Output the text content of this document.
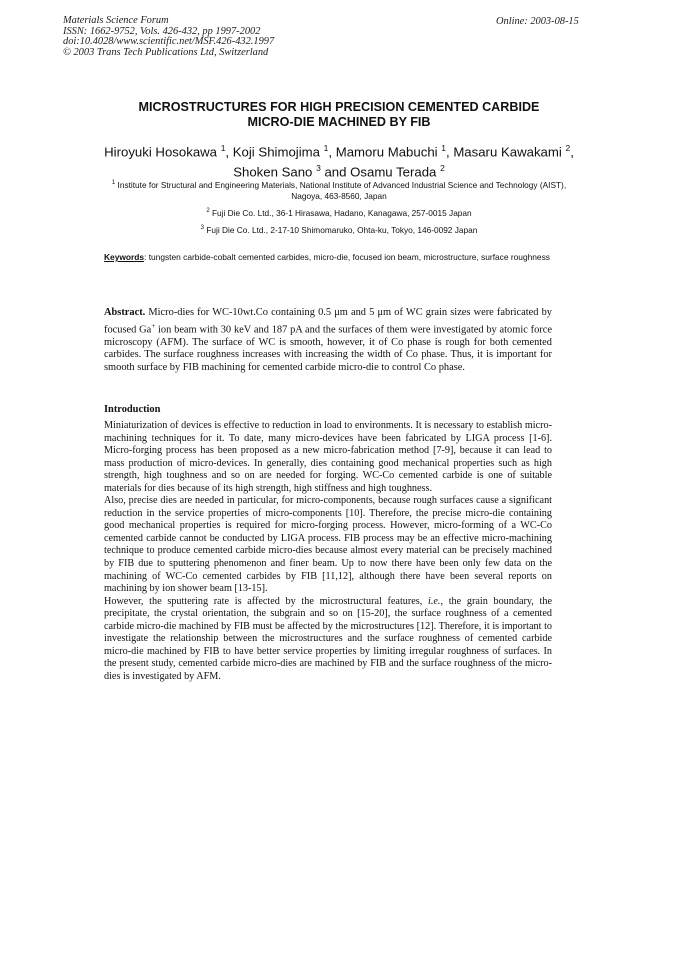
Materials Science Forum
ISSN: 1662-9752, Vols. 426-432, pp 1997-2002
doi:10.4028/www.scientific.net/MSF.426-432.1997
© 2003 Trans Tech Publications Ltd, Switzerland
Online: 2003-08-15
MICROSTRUCTURES FOR HIGH PRECISION CEMENTED CARBIDE
MICRO-DIE MACHINED BY FIB
Hiroyuki Hosokawa $^1$, Koji Shimojima $^1$, Mamoru Mabuchi $^1$, Masaru Kawakami $^2$, Shoken Sano $^3$ and Osamu Terada $^2$
$^1$ Institute for Structural and Engineering Materials, National Institute of Advanced Industrial Science and Technology (AIST), Nagoya, 463-8560, Japan
$^2$ Fuji Die Co. Ltd., 36-1 Hirasawa, Hadano, Kanagawa, 257-0015 Japan
$^3$ Fuji Die Co. Ltd., 2-17-10 Shimomaruko, Ohta-ku, Tokyo, 146-0092 Japan
Keywords: tungsten carbide-cobalt cemented carbides, micro-die, focused ion beam, microstructure, surface roughness
Abstract. Micro-dies for WC-10wt.Co containing 0.5 μm and 5 μm of WC grain sizes were fabricated by focused Ga+ ion beam with 30 keV and 187 pA and the surfaces of them were investigated by atomic force microscopy (AFM). The surface of WC is smooth, however, it of Co phase is rough for both cemented carbides. The surface roughness increases with increasing the width of Co phase. Thus, it is important for smooth surface by FIB machining for cemented carbide micro-die to control Co phase.
Introduction

Miniaturization of devices is effective to reduction in load to environments. It is necessary to establish micro-machining techniques for it. To date, many micro-devices have been fabricated by LIGA process [1-6]. Micro-forging process has been proposed as a new micro-fabrication method [7-9], because it can lead to mass production of micro-devices. In generally, dies containing good mechanical properties such as high strength, high toughness and so on are needed for forging. WC-Co cemented carbide is one of suitable materials for dies because of its high strength, high stiffness and high toughness.

Also, precise dies are needed in particular, for micro-components, because rough surfaces cause a significant reduction in the service properties of micro-components [10]. Therefore, the precise micro-die containing good mechanical properties is required for micro-forging process. However, micro-forming of a WC-Co cemented carbide cannot be conducted by LIGA process. FIB process may be an effective micro-machining technique to produce cemented carbide micro-dies because almost every material can be precisely machined by FIB due to sputtering phenomenon and finer beam. Up to now there have been only few data on the machining of WC-Co cemented carbides by FIB [11,12], although there have been several reports on machining by ion shower beam [13-15].

However, the sputtering rate is affected by the microstructural features, i.e., the grain boundary, the precipitate, the crystal orientation, the subgrain and so on [15-20], the surface roughness of a cemented carbide micro-die machined by FIB must be affected by the microstructures [12]. Therefore, it is important to investigate the relationship between the microstructures and the surface roughness of cemented carbide micro-die machined by FIB to have better service properties by limiting irregular roughness of surfaces. In the present study, cemented carbide micro-dies are machined by FIB and the surface roughness of the micro-dies is investigated by AFM.
